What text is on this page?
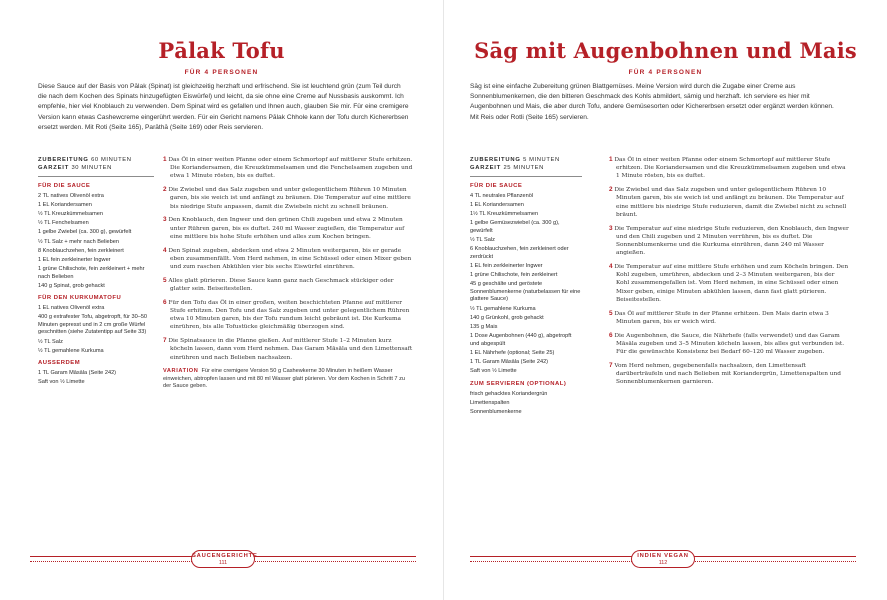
Pālak Tofu
FÜR 4 PERSONEN

Diese Sauce auf der Basis von Pālak (Spinat) ist gleichzeitig herzhaft und erfrischend. Sie ist leuchtend grün (zum Teil durch die nach dem Kochen des Spinats hinzugefügten Eiswürfel) und leicht, da sie ohne eine Creme auf Nussbasis auskommt. Ich empfehle, hier viel Knoblauch zu verwenden. Dem Spinat wird es gefallen und Ihnen auch, glauben Sie mir. Für eine cremigere Version kann etwas Cashewcreme eingerührt werden. Für ein Gericht namens Pālak Chhole kann der Tofu durch Kichererbsen ersetzt werden. Mit Roti (Seite 165), Parāthā (Seite 169) oder Reis servieren.

ZUBEREITUNG 60 MINUTEN
GARZEIT 30 MINUTEN
FÜR DIE SAUCE
2 TL natives Olivenöl extra
1 EL Koriandersamen
½ TL Kreuzkümmelsamen
½ TL Fenchelsamen
1 gelbe Zwiebel (ca. 300 g), gewürfelt
½ TL Salz + mehr nach Belieben
8 Knoblauchzehen, fein zerkleinert
1 EL fein zerkleinerter Ingwer
1 grüne Chilischote, fein zerkleinert + mehr nach Belieben
140 g Spinat, grob gehackt
FÜR DEN KURKUMATOFU
1 EL natives Olivenöl extra
400 g extrafester Tofu, abgetropft, für 30–50 Minuten gepresst und in 2 cm große Würfel geschnitten (siehe Zutatentipp auf Seite 33)
½ TL Salz
½ TL gemahlene Kurkuma
AUSSERDEM
1 TL Garam Māsāla (Seite 242)
Saft von ½ Limette

1 Das Öl in einer weiten Pfanne oder einem Schmortopf auf mittlerer Stufe erhitzen. Die Koriandersamen, die Kreuzkümmelsamen und die Fenchelsamen zugeben und etwa 1 Minute rösten, bis es duftet.

2 Die Zwiebel und das Salz zugeben und unter gelegentlichem Rühren 10 Minuten garen, bis sie weich ist und anfängt zu bräunen. Die Temperatur auf eine mittlere bis niedrige Stufe anpassen, damit die Zwiebeln nicht zu schnell bräunen.

3 Den Knoblauch, den Ingwer und den grünen Chili zugeben und etwa 2 Minuten unter Rühren garen, bis es duftet. 240 ml Wasser zugießen, die Temperatur auf eine mittlere bis hohe Stufe erhöhen und alles zum Kochen bringen.

4 Den Spinat zugeben, abdecken und etwa 2 Minuten weitergaren, bis er gerade eben zusammenfällt. Vom Herd nehmen, in eine Schüssel oder einen Mixer geben und zum raschen Abkühlen vier bis sechs Eiswürfel einrühren.

5 Alles glatt pürieren. Diese Sauce kann ganz nach Geschmack stückiger oder glatter sein. Beiseitestellen.

6 Für den Tofu das Öl in einer großen, weiten beschichteten Pfanne auf mittlerer Stufe erhitzen. Den Tofu und das Salz zugeben und unter gelegentlichem Rühren etwa 10 Minuten garen, bis der Tofu rundum leicht gebräunt ist. Die Kurkuma einrühren, bis alle Tofustücke gleichmäßig überzogen sind.

7 Die Spinatsauce in die Pfanne gießen. Auf mittlerer Stufe 1–2 Minuten kurz köcheln lassen, dann vom Herd nehmen. Das Garam Māsāla und den Limettensaft einrühren und nach Belieben nachsalzen.

VARIATION Für eine cremigere Version 50 g Cashewkerne 30 Minuten in heißem Wasser einweichen, abtropfen lassen und mit 80 ml Wasser glatt pürieren. Vor dem Kochen in Schritt 7 zu der Sauce geben.

SAUCENGERICHTE
111
Sāg mit Augenbohnen und Mais
FÜR 4 PERSONEN

Sāg ist eine einfache Zubereitung grünen Blattgemüses. Meine Version wird durch die Zugabe einer Creme aus Sonnenblumenkernen, die den bitteren Geschmack des Kohls abmildert, sämig und herzhaft. Ich serviere es hier mit Augenbohnen und Mais, die aber durch Tofu, andere Gemüsesorten oder Kichererbsen ersetzt oder ergänzt werden können. Mit Reis oder Rotli (Seite 165) servieren.

ZUBEREITUNG 5 MINUTEN
GARZEIT 25 MINUTEN
FÜR DIE SAUCE
4 TL neutrales Pflanzenöl
1 EL Koriandersamen
1½ TL Kreuzkümmelsamen
1 gelbe Gemüsezwiebel (ca. 300 g), gewürfelt
½ TL Salz
6 Knoblauchzehen, fein zerkleinert oder zerdrückt
1 EL fein zerkleinerter Ingwer
1 grüne Chilischote, fein zerkleinert
45 g geschälte und geröstete Sonnenblumenkerne (naturbelassen für eine glattere Sauce)
½ TL gemahlene Kurkuma
140 g Grünkohl, grob gehackt
135 g Mais
1 Dose Augenbohnen (440 g), abgetropft und abgespült
1 EL Nährhefe (optional; Seite 25)
1 TL Garam Māsāla (Seite 242)
Saft von ½ Limette
ZUM SERVIEREN (OPTIONAL)
frisch gehacktes Koriandergrün
Limettenspalten
Sonnenblumenkerne

1 Das Öl in einer weiten Pfanne oder einem Schmortopf auf mittlerer Stufe erhitzen. Die Koriandersamen und die Kreuzkümmelsamen zugeben und etwa 1 Minute rösten, bis es duftet.

2 Die Zwiebel und das Salz zugeben und unter gelegentlichem Rühren 10 Minuten garen, bis sie weich ist und anfängt zu bräunen. Die Temperatur auf eine mittlere bis niedrige Stufe reduzieren, damit die Zwiebel nicht zu schnell bräunt.

3 Die Temperatur auf eine niedrige Stufe reduzieren, den Knoblauch, den Ingwer und den Chili zugeben und 2 Minuten verrühren, bis es duftet. Die Sonnenblumenkerne und die Kurkuma einrühren, dann 240 ml Wasser angießen.

4 Die Temperatur auf eine mittlere Stufe erhöhen und zum Köcheln bringen. Den Kohl zugeben, umrühren, abdecken und 2–3 Minuten weitergaren, bis der Kohl zusammengefallen ist. Vom Herd nehmen, in eine Schüssel oder einen Mixer geben, einige Minuten abkühlen lassen, dann fast glatt pürieren. Beiseitestellen.

5 Das Öl auf mittlerer Stufe in der Pfanne erhitzen. Den Mais darin etwa 3 Minuten garen, bis er weich wird.

6 Die Augenbohnen, die Sauce, die Nährhefe (falls verwendet) und das Garam Māsāla zugeben und 3–5 Minuten köcheln lassen, bis alles gut verbunden ist. Für die gewünschte Konsistenz bei Bedarf 60–120 ml Wasser zugeben.

7 Vom Herd nehmen, gegebenenfalls nachsalzen, den Limettensaft darüberträufeln und nach Belieben mit Koriandergrün, Limettenspalten und Sonnenblumenkernen garnieren.

INDIEN VEGAN
112
